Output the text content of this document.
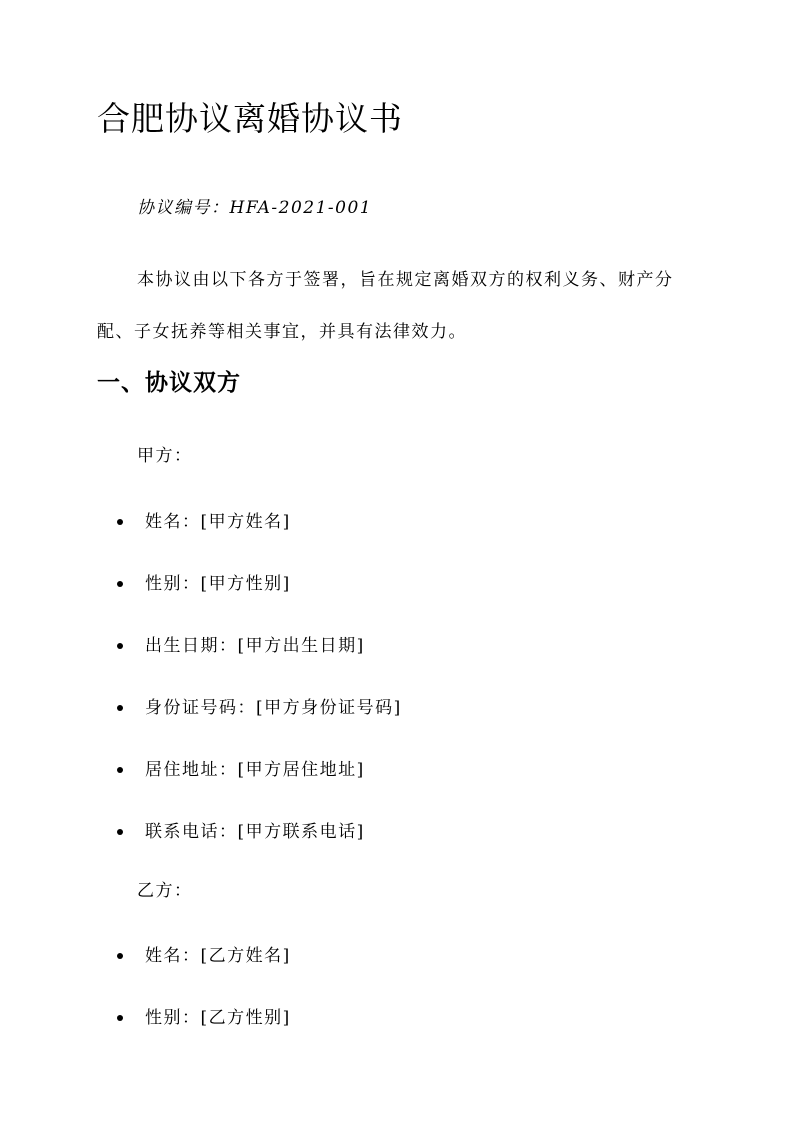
合肥协议离婚协议书

协议编号：HFA-2021-001

本协议由以下各方于签署，旨在规定离婚双方的权利义务、财产分配、子女抚养等相关事宜，并具有法律效力。

一、协议双方

甲方：

姓名：[甲方姓名]
性别：[甲方性别]
出生日期：[甲方出生日期]
身份证号码：[甲方身份证号码]
居住地址：[甲方居住地址]
联系电话：[甲方联系电话]

乙方：

姓名：[乙方姓名]
性别：[乙方性别]
